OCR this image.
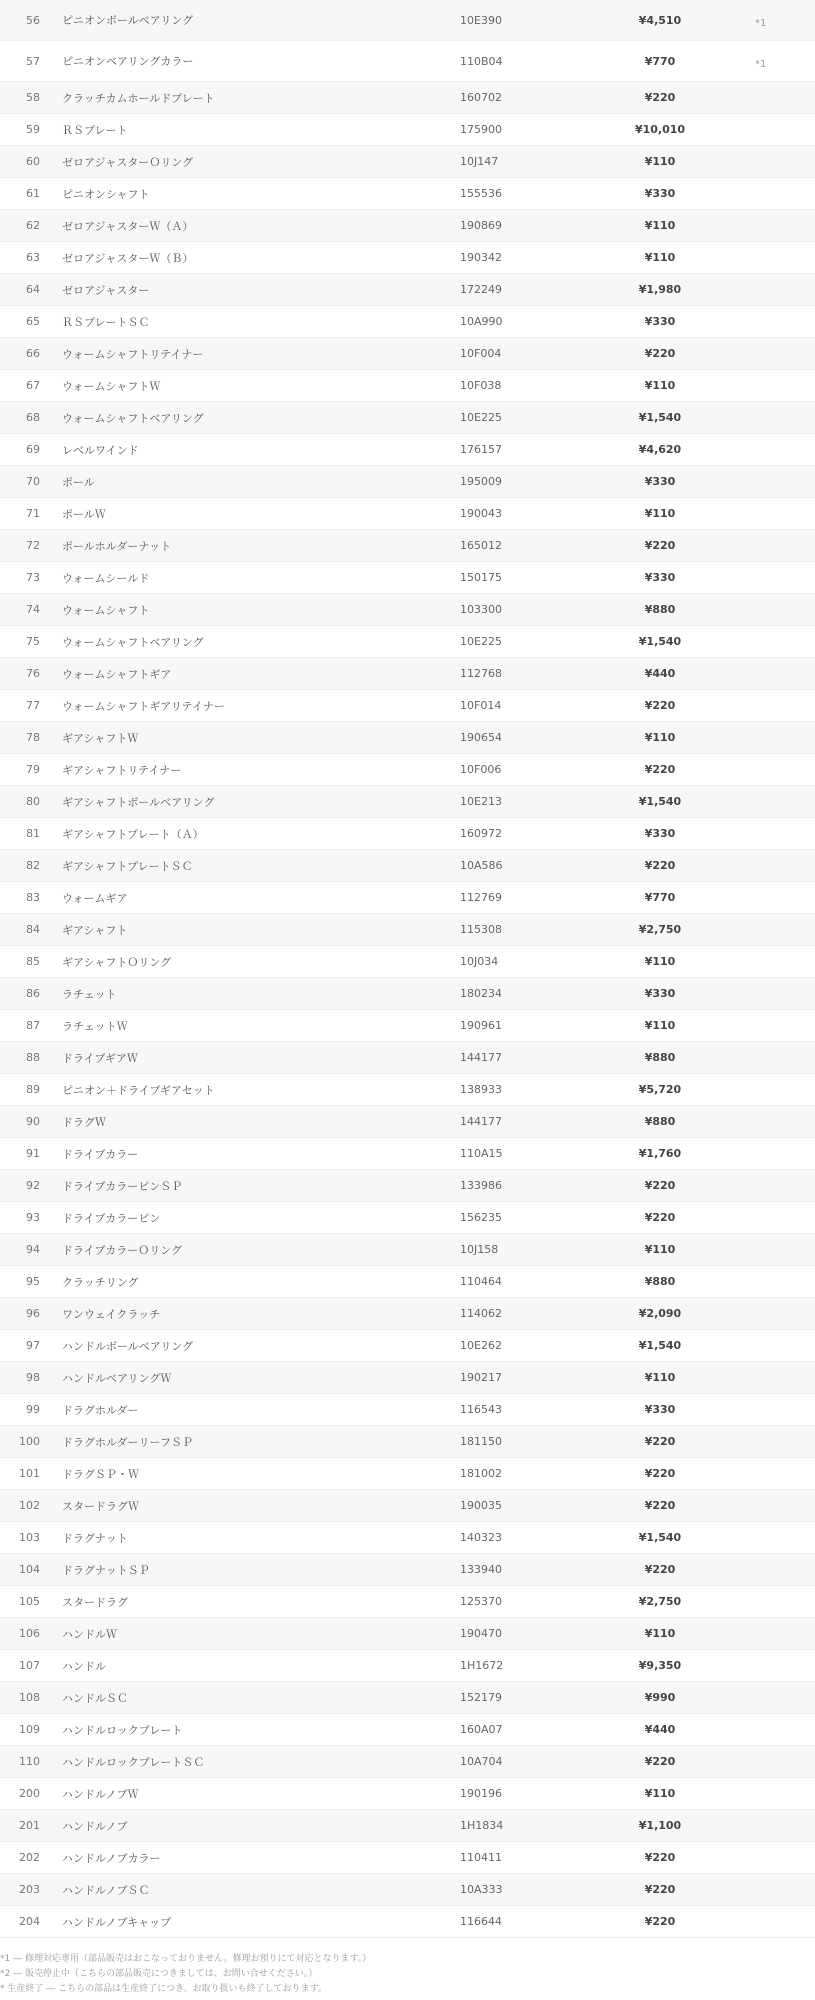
56 ピニオンボールベアリング	10E390	¥4,510	*1
57 ピニオンベアリングカラー	110B04	¥770	*1
58 クラッチカムホールドプレート	160702	¥220
59 ＲＳプレート	175900	¥10,010
60 ゼロアジャスターＯリング	10J147	¥110
61 ピニオンシャフト	155536	¥330
62 ゼロアジャスターＷ（Ａ）	190869	¥110
63 ゼロアジャスターＷ（Ｂ）	190342	¥110
64 ゼロアジャスター	172249	¥1,980
65 ＲＳプレートＳＣ	10A990	¥330
66 ウォームシャフトリテイナー	10F004	¥220
67 ウォームシャフトＷ	10F038	¥110
68 ウォームシャフトベアリング	10E225	¥1,540
69 レベルワインド	176157	¥4,620
70 ポール	195009	¥330
71 ポールＷ	190043	¥110
72 ポールホルダーナット	165012	¥220
73 ウォームシールド	150175	¥330
74 ウォームシャフト	103300	¥880
75 ウォームシャフトベアリング	10E225	¥1,540
76 ウォームシャフトギア	112768	¥440
77 ウォームシャフトギアリテイナー	10F014	¥220
78 ギアシャフトＷ	190654	¥110
79 ギアシャフトリテイナー	10F006	¥220
80 ギアシャフトボールベアリング	10E213	¥1,540
81 ギアシャフトプレート（Ａ）	160972	¥330
82 ギアシャフトプレートＳＣ	10A586	¥220
83 ウォームギア	112769	¥770
84 ギアシャフト	115308	¥2,750
85 ギアシャフトＯリング	10J034	¥110
86 ラチェット	180234	¥330
87 ラチェットＷ	190961	¥110
88 ドライブギアＷ	144177	¥880
89 ピニオン＋ドライブギアセット	138933	¥5,720
90 ドラグＷ	144177	¥880
91 ドライブカラー	110A15	¥1,760
92 ドライブカラーピンＳＰ	133986	¥220
93 ドライブカラーピン	156235	¥220
94 ドライブカラーＯリング	10J158	¥110
95 クラッチリング	110464	¥880
96 ワンウェイクラッチ	114062	¥2,090
97 ハンドルボールベアリング	10E262	¥1,540
98 ハンドルベアリングＷ	190217	¥110
99 ドラグホルダー	116543	¥330
100 ドラグホルダーリーフＳＰ	181150	¥220
101 ドラグＳＰ・Ｗ	181002	¥220
102 スタードラグＷ	190035	¥220
103 ドラグナット	140323	¥1,540
104 ドラグナットＳＰ	133940	¥220
105 スタードラグ	125370	¥2,750
106 ハンドルＷ	190470	¥110
107 ハンドル	1H1672	¥9,350
108 ハンドルＳＣ	152179	¥990
109 ハンドルロックプレート	160A07	¥440
110 ハンドルロックプレートＳＣ	10A704	¥220
200 ハンドルノブＷ	190196	¥110
201 ハンドルノブ	1H1834	¥1,100
202 ハンドルノブカラー	110411	¥220
203 ハンドルノブＳＣ	10A333	¥220
204 ハンドルノブキャップ	116644	¥220
*1 ― 修理対応専用（部品販売はおこなっておりません。修理お預りにて対応となります。）
*2 ― 販売停止中（こちらの部品販売につきましては、お問い合せください。）
* 生産終了 ― こちらの部品は生産終了につき、お取り扱いも終了しております。
